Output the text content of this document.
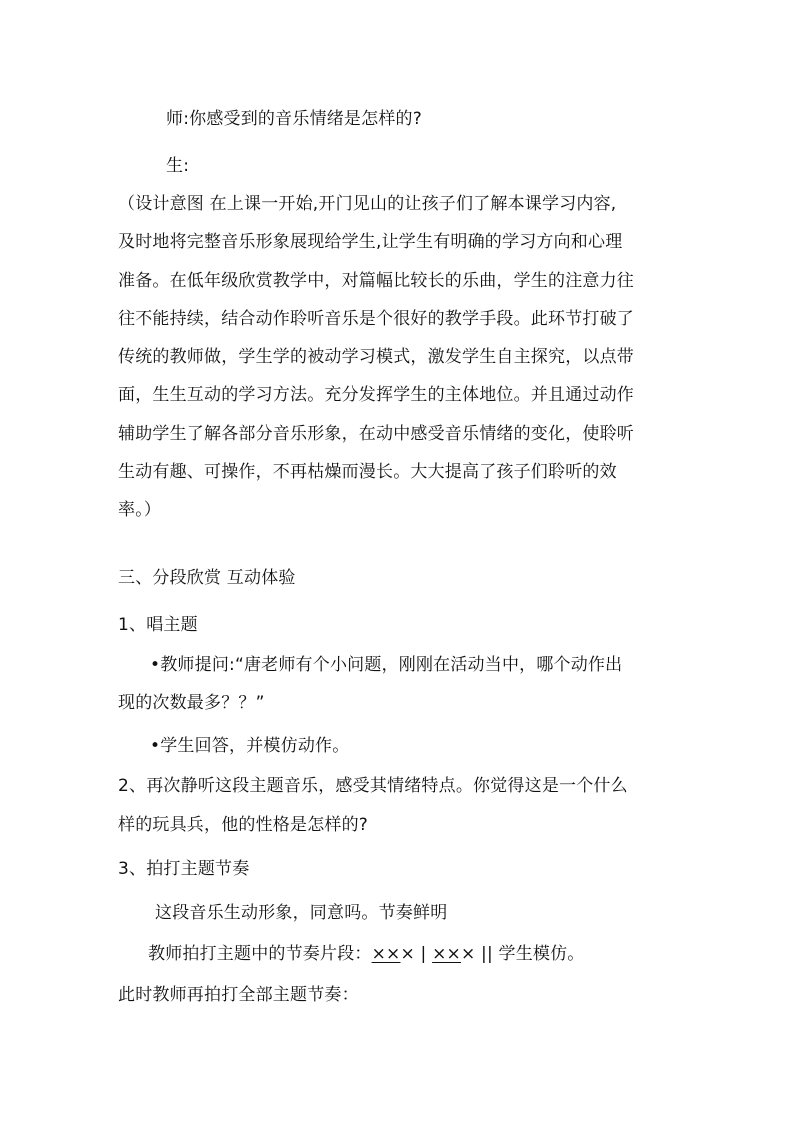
师:你感受到的音乐情绪是怎样的?
生:
（设计意图 在上课一开始,开门见山的让孩子们了解本课学习内容,
及时地将完整音乐形象展现给学生,让学生有明确的学习方向和心理
准备。在低年级欣赏教学中，对篇幅比较长的乐曲，学生的注意力往
往不能持续，结合动作聆听音乐是个很好的教学手段。此环节打破了
传统的教师做，学生学的被动学习模式，激发学生自主探究，以点带
面，生生互动的学习方法。充分发挥学生的主体地位。并且通过动作
辅助学生了解各部分音乐形象，在动中感受音乐情绪的变化，使聆听
生动有趣、可操作，不再枯燥而漫长。大大提高了孩子们聆听的效
率。）
三、分段欣赏 互动体验
1、唱主题
•教师提问:“唐老师有个小问题，刚刚在活动当中，哪个动作出
现的次数最多？？”
•学生回答，并模仿动作。
2、再次静听这段主题音乐，感受其情绪特点。你觉得这是一个什么
样的玩具兵，他的性格是怎样的?
3、拍打主题节奏
这段音乐生动形象，同意吗。节奏鲜明
教师拍打主题中的节奏片段：××× | ××× || 学生模仿。
此时教师再拍打全部主题节奏：
